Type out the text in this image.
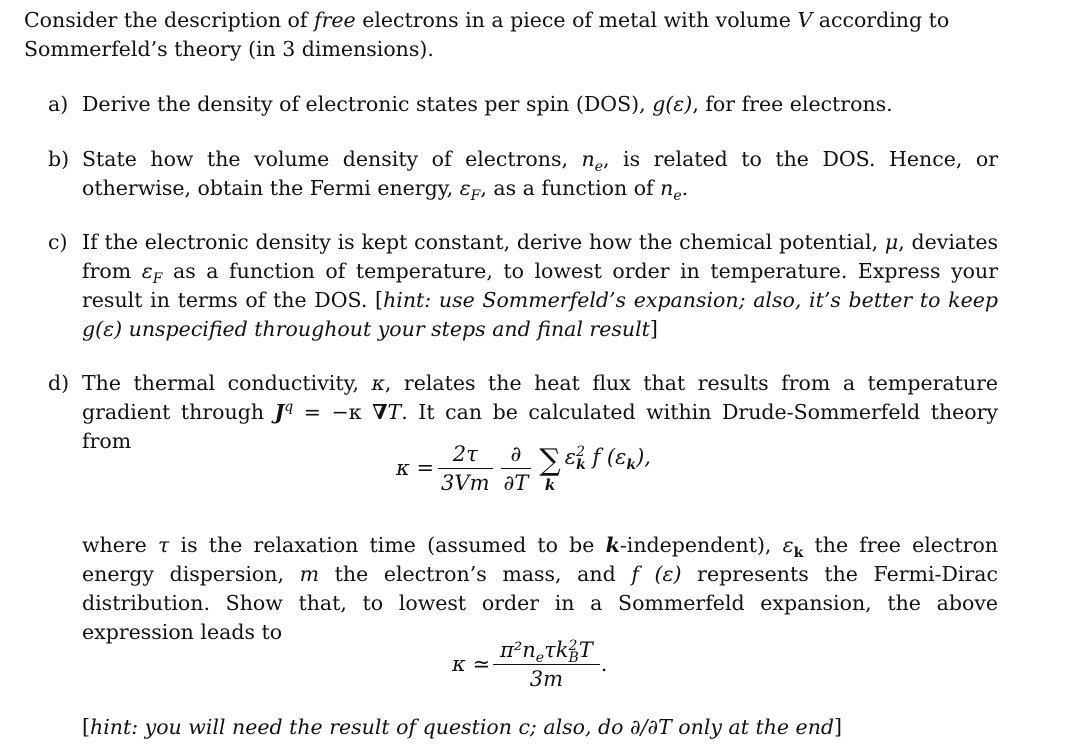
Consider the description of free electrons in a piece of metal with volume V according to Sommerfeld’s theory (in 3 dimensions).
a) Derive the density of electronic states per spin (DOS), g(ε), for free electrons.
b) State how the volume density of electrons, $n_e$, is related to the DOS. Hence, or otherwise, obtain the Fermi energy, $\varepsilon_F$, as a function of $n_e$.
c) If the electronic density is kept constant, derive how the chemical potential, μ, deviates from $\varepsilon_F$ as a function of temperature, to lowest order in temperature. Express your result in terms of the DOS. [hint: use Sommerfeld’s expansion; also, it’s better to keep g(ε) unspecified throughout your steps and final result]
d) The thermal conductivity, κ, relates the heat flux that results from a temperature gradient through $J^q = -\kappa$ ∇T. It can be calculated within Drude-Sommerfeld theory from
$\kappa = \frac{2\tau}{3Vm} \frac{\partial}{\partial T}$ ∑
k
ε 2
k f $(\varepsilon_k)$,
where τ is the relaxation time (assumed to be k-independent), $\varepsilon_k$ the free electron energy dispersion, m the electron’s mass, and f (ε) represents the Fermi-Dirac distribution. Show that, to lowest order in a Sommerfeld expansion, the above expression leads to
κ ≃ $\pi^2n_e\tau k$ 2
B T
3m .
[hint: you will need the result of question c; also, do ∂/∂T only at the end]
